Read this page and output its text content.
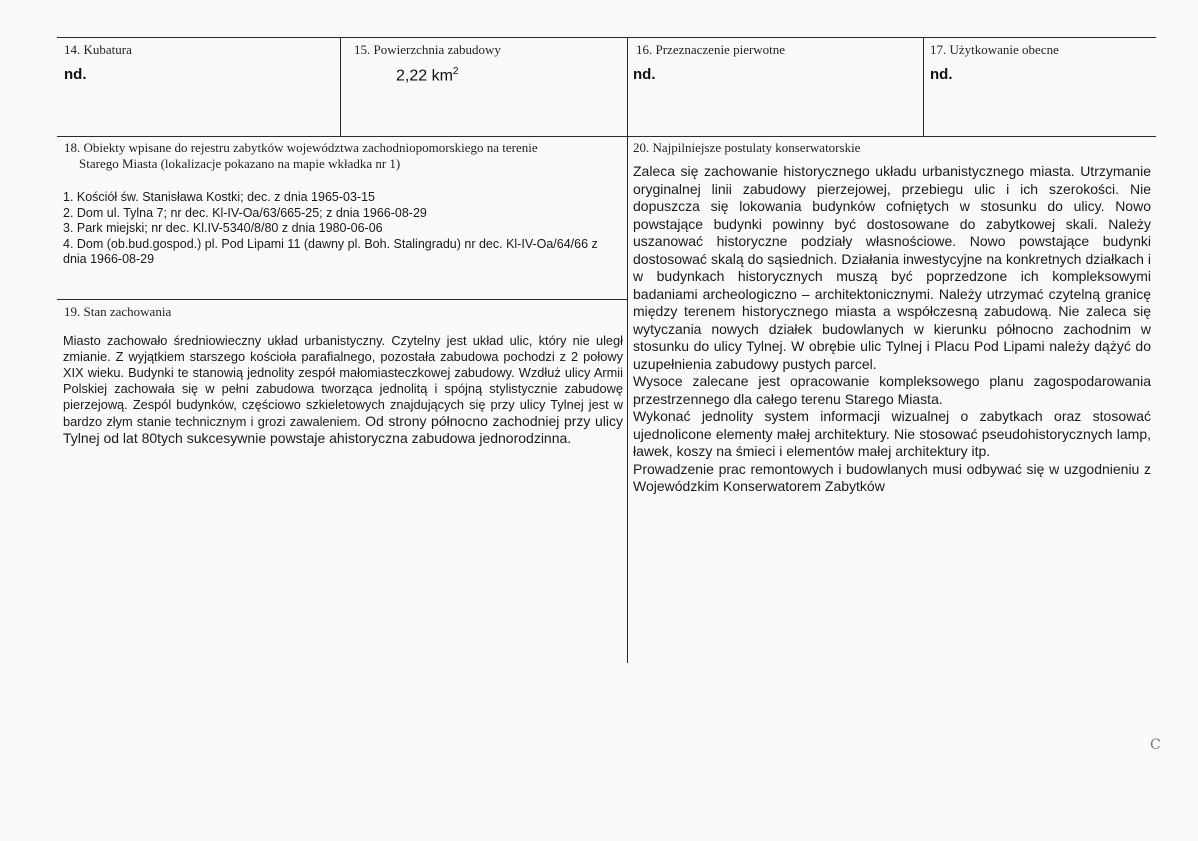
14. Kubatura
nd.
15. Powierzchnia zabudowy
2,22 $km^2$
16. Przeznaczenie pierwotne
nd.
17. Użytkowanie obecne
nd.
18. Obiekty wpisane do rejestru zabytków województwa zachodniopomorskiego na terenie
Starego Miasta (lokalizacje pokazano na mapie wkładka nr 1)
1. Kościół św. Stanisława Kostki; dec. z dnia 1965-03-15
2. Dom ul. Tylna 7; nr dec. Kl-IV-Oa/63/665-25; z dnia 1966-08-29
3. Park miejski; nr dec. Kl.IV-5340/8/80 z dnia 1980-06-06
4. Dom (ob.bud.gospod.) pl. Pod Lipami 11 (dawny pl. Boh. Stalingradu) nr dec. Kl-IV-Oa/64/66 z dnia 1966-08-29
19. Stan zachowania
Miasto zachowało średniowieczny układ urbanistyczny. Czytelny jest układ ulic, który nie uległ zmianie. Z wyjątkiem starszego kościoła parafialnego, pozostała zabudowa pochodzi z 2 połowy XIX wieku. Budynki te stanowią jednolity zespół małomiasteczkowej zabudowy. Wzdłuż ulicy Armii Polskiej zachowała się w pełni zabudowa tworząca jednolitą i spójną stylistycznie zabudowę pierzejową. Zespól budynków, częściowo szkieletowych znajdujących się przy ulicy Tylnej jest w bardzo złym stanie technicznym i grozi zawaleniem. Od strony północno zachodniej przy ulicy Tylnej od lat 80tych sukcesywnie powstaje ahistoryczna zabudowa jednorodzinna.
20. Najpilniejsze postulaty konserwatorskie
Zaleca się zachowanie historycznego układu urbanistycznego miasta. Utrzymanie oryginalnej linii zabudowy pierzejowej, przebiegu ulic i ich szerokości. Nie dopuszcza się lokowania budynków cofniętych w stosunku do ulicy. Nowo powstające budynki powinny być dostosowane do zabytkowej skali. Należy uszanować historyczne podziały własnościowe. Nowo powstające budynki dostosować skalą do sąsiednich. Działania inwestycyjne na konkretnych działkach i w budynkach historycznych muszą być poprzedzone ich kompleksowymi badaniami archeologiczno – architektonicznymi. Należy utrzymać czytelną granicę między terenem historycznego miasta a współczesną zabudową. Nie zaleca się wytyczania nowych działek budowlanych w kierunku północno zachodnim w stosunku do ulicy Tylnej. W obrębie ulic Tylnej i Placu Pod Lipami należy dążyć do uzupełnienia zabudowy pustych parcel.
Wysoce zalecane jest opracowanie kompleksowego planu zagospodarowania przestrzennego dla całego terenu Starego Miasta.
Wykonać jednolity system informacji wizualnej o zabytkach oraz stosować ujednolicone elementy małej architektury. Nie stosować pseudohistorycznych lamp, ławek, koszy na śmieci i elementów małej architektury itp.
Prowadzenie prac remontowych i budowlanych musi odbywać się w uzgodnieniu z Wojewódzkim Konserwatorem Zabytków
C
